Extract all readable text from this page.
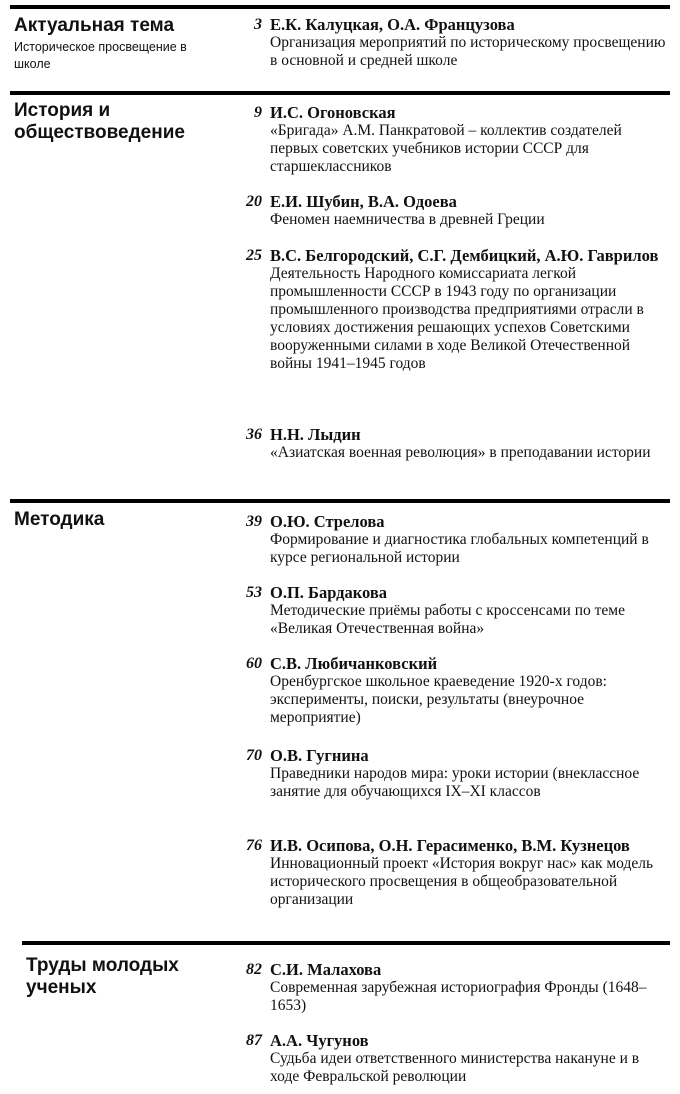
Актуальная тема
Историческое просвещение в школе
3 Е.К. Калуцкая, О.А. Французова
Организация мероприятий по историческому просвещению в основной и средней школе
История и обществоведение
9 И.С. Огоновская
«Бригада» А.М. Панкратовой – коллектив создателей первых советских учебников истории СССР для старшеклассников
20 Е.И. Шубин, В.А. Одоева
Феномен наемничества в древней Греции
25 В.С. Белгородский, С.Г. Дембицкий, А.Ю. Гаврилов
Деятельность Народного комиссариата легкой промышленности СССР в 1943 году по организации промышленного производства предприятиями отрасли в условиях достижения решающих успехов Советскими вооруженными силами в ходе Великой Отечественной войны 1941–1945 годов
36 Н.Н. Лыдин
«Азиатская военная революция» в преподавании истории
Методика	39 О.Ю. Стрелова
Формирование и диагностика глобальных компетенций в курсе региональной истории
53 О.П. Бардакова
Методические приёмы работы с кроссенсами по теме «Великая Отечественная война»
60 С.В. Любичанковский
Оренбургское школьное краеведение 1920-х годов: эксперименты, поиски, результаты (внеурочное мероприятие)
70 О.В. Гугнина
Праведники народов мира: уроки истории (внеклассное занятие для обучающихся IX–XI классов
76 И.В. Осипова, О.Н. Герасименко, В.М. Кузнецов
Инновационный проект «История вокруг нас» как модель исторического просвещения в общеобразовательной организации
Труды молодых ученых
82 С.И. Малахова
Современная зарубежная историография Фронды (1648–1653)
87 А.А. Чугунов
Судьба идеи ответственного министерства накануне и в ходе Февральской революции
